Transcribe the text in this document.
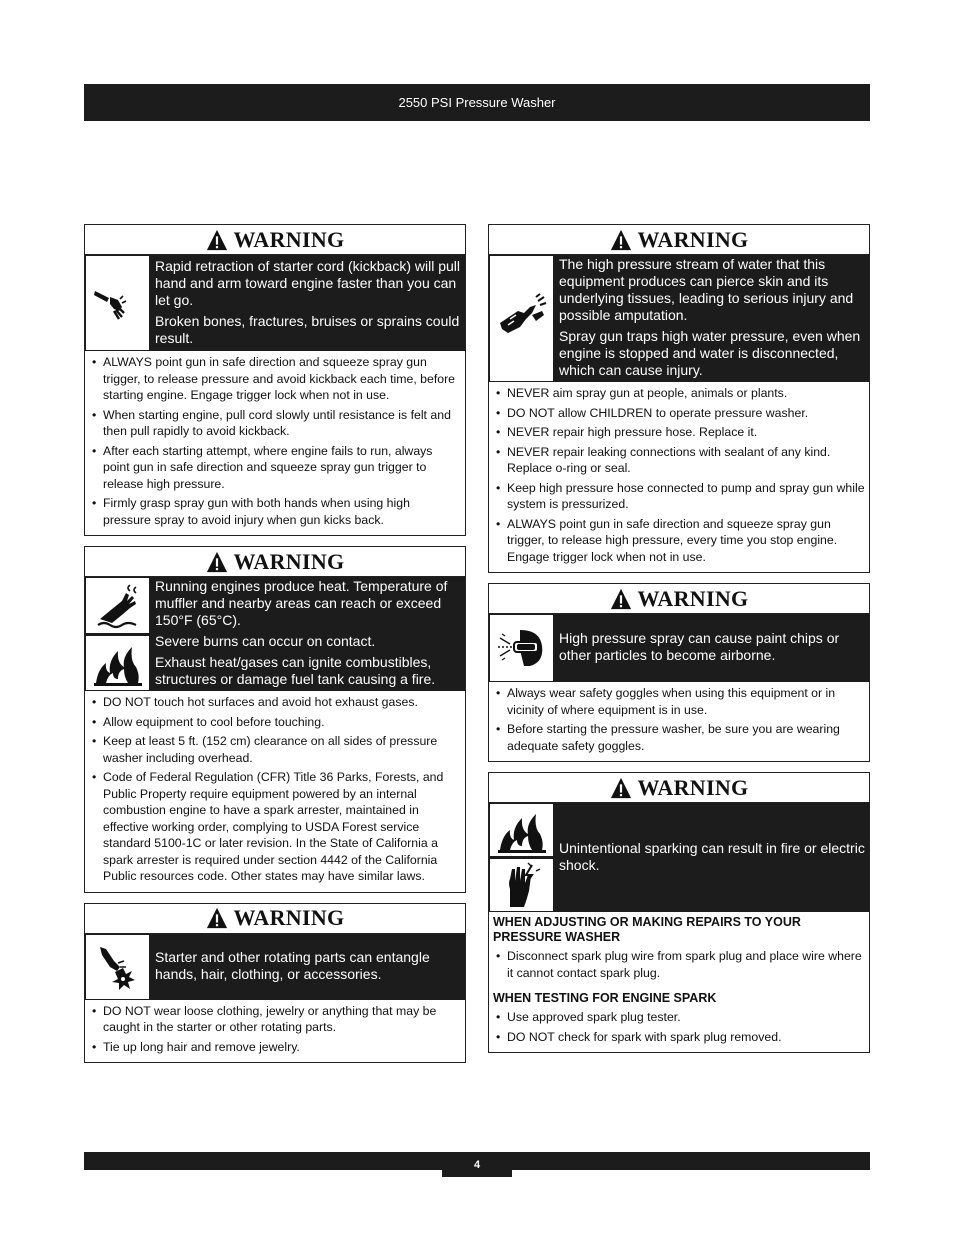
2550 PSI Pressure Washer
WARNING

Rapid retraction of starter cord (kickback) will pull hand and arm toward engine faster than you can let go.

Broken bones, fractures, bruises or sprains could result.

• ALWAYS point gun in safe direction and squeeze spray gun trigger, to release pressure and avoid kickback each time, before starting engine. Engage trigger lock when not in use.
• When starting engine, pull cord slowly until resistance is felt and then pull rapidly to avoid kickback.
• After each starting attempt, where engine fails to run, always point gun in safe direction and squeeze spray gun trigger to release high pressure.
• Firmly grasp spray gun with both hands when using high pressure spray to avoid injury when gun kicks back.
WARNING

Running engines produce heat. Temperature of muffler and nearby areas can reach or exceed 150°F (65°C).

Severe burns can occur on contact.

Exhaust heat/gases can ignite combustibles, structures or damage fuel tank causing a fire.

• DO NOT touch hot surfaces and avoid hot exhaust gases.
• Allow equipment to cool before touching.
• Keep at least 5 ft. (152 cm) clearance on all sides of pressure washer including overhead.
• Code of Federal Regulation (CFR) Title 36 Parks, Forests, and Public Property require equipment powered by an internal combustion engine to have a spark arrester, maintained in effective working order, complying to USDA Forest service standard 5100-1C or later revision. In the State of California a spark arrester is required under section 4442 of the California Public resources code. Other states may have similar laws.
WARNING

Starter and other rotating parts can entangle hands, hair, clothing, or accessories.

• DO NOT wear loose clothing, jewelry or anything that may be caught in the starter or other rotating parts.
• Tie up long hair and remove jewelry.
WARNING

The high pressure stream of water that this equipment produces can pierce skin and its underlying tissues, leading to serious injury and possible amputation.

Spray gun traps high water pressure, even when engine is stopped and water is disconnected, which can cause injury.

• NEVER aim spray gun at people, animals or plants.
• DO NOT allow CHILDREN to operate pressure washer.
• NEVER repair high pressure hose. Replace it.
• NEVER repair leaking connections with sealant of any kind. Replace o-ring or seal.
• Keep high pressure hose connected to pump and spray gun while system is pressurized.
• ALWAYS point gun in safe direction and squeeze spray gun trigger, to release high pressure, every time you stop engine. Engage trigger lock when not in use.
WARNING

High pressure spray can cause paint chips or other particles to become airborne.

• Always wear safety goggles when using this equipment or in vicinity of where equipment is in use.
• Before starting the pressure washer, be sure you are wearing adequate safety goggles.
WARNING

Unintentional sparking can result in fire or electric shock.

WHEN ADJUSTING OR MAKING REPAIRS TO YOUR PRESSURE WASHER
• Disconnect spark plug wire from spark plug and place wire where it cannot contact spark plug.
WHEN TESTING FOR ENGINE SPARK
• Use approved spark plug tester.
• DO NOT check for spark with spark plug removed.
4
